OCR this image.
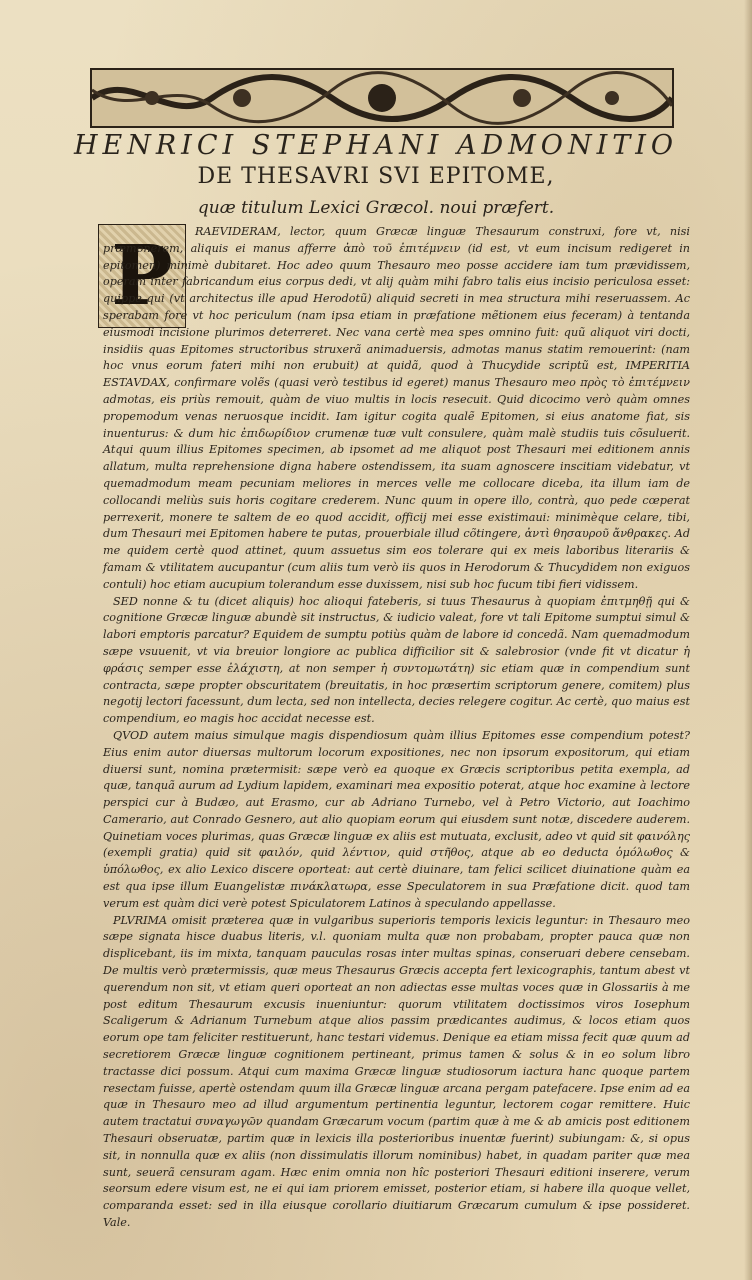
HENRICI STEPHANI ADMONITIO
DE THESAVRI SVI EPITOME,
quæ titulum Lexici Græcol. noui præfert.
P	RAEVIDERAM, lector, quum Græcæ linguæ Thesaurum construxi, fore vt, nisi præmonerem, aliquis ei manus afferre ἀπὸ τοῦ ἐπιτέμνειν (id est, vt eum incisum redigeret in epitomen) minimè dubitaret. Hoc adeo quum Thesauro meo posse accidere iam tum prævidissem, operam inter fabricandum eius corpus dedi, vt alij quàm mihi fabro talis eius incisio periculosa esset: quippe qui (vt architectus ille apud Herodotũ) aliquid secreti in mea structura mihi reseruassem. Ac sperabam fore vt hoc periculum (nam ipsa etiam in præfatione mẽtionem eius feceram) à tentanda eiusmodi incisione plurimos deterreret. Nec vana certè mea spes omnino fuit: quũ aliquot viri docti, insidiis quas Epitomes structoribus struxerã animaduersis, admotas manus statim remouerint: (nam hoc vnus eorum fateri mihi non erubuit) at quidã, quod à Thucydide scriptũ est, IMPERITIA ESTAVDAX, confirmare volẽs (quasi verò testibus id egeret) manus Thesauro meo πρὸς τὸ ἐπιτέμνειν admotas, eis priùs remouit, quàm de viuo multis in locis resecuit. Quid dicocimo verò quàm omnes propemodum venas neruosque incidit. Iam igitur cogita qualẽ Epitomen, si eius anatome fiat, sis inuenturus: & dum hic ἐπιδωρίδιον crumenæ tuæ vult consulere, quàm malè studiis tuis cõsuluerit. Atqui quum illius Epitomes specimen, ab ipsomet ad me aliquot post Thesauri mei editionem annis allatum, multa reprehensione digna habere ostendissem, ita suam agnoscere inscitiam videbatur, vt quemadmodum meam pecuniam meliores in merces velle me collocare diceba, ita illum iam de collocandi meliùs suis horis cogitare crederem. Nunc quum in opere illo, contrà, quo pede cœperat perrexerit, monere te saltem de eo quod accidit, officij mei esse existimaui: minimèque celare, tibi, dum Thesauri mei Epitomen habere te putas, prouerbiale illud cõtingere, ἀντὶ θησαυροῦ ἄνθρακες. Ad me quidem certè quod attinet, quum assuetus sim eos tolerare qui ex meis laboribus literariis & famam & vtilitatem aucupantur (cum aliis tum verò iis quos in Herodorum & Thucydidem non exiguos contuli) hoc etiam aucupium tolerandum esse duxissem, nisi sub hoc fucum tibi fieri vidissem.

SED nonne & tu (dicet aliquis) hoc alioqui fateberis, si tuus Thesaurus à quopiam ἐπιτμηθῇ qui & cognitione Græcæ linguæ abundè sit instructus, & iudicio valeat, fore vt tali Epitome sumptui simul & labori emptoris parcatur? Equidem de sumptu potiùs quàm de labore id concedã. Nam quemadmodum sæpe vsuuenit, vt via breuior longiore ac publica difficilior sit & salebrosior (vnde fit vt dicatur ἡ φράσις semper esse ἐλάχιστη, at non semper ἡ συντομωτάτη) sic etiam quæ in compendium sunt contracta, sæpe propter obscuritatem (breuitatis, in hoc præsertim scriptorum genere, comitem) plus negotij lectori facessunt, dum lecta, sed non intellecta, decies relegere cogitur. Ac certè, quo maius est compendium, eo magis hoc accidat necesse est.

QVOD autem maius simulque magis dispendiosum quàm illius Epitomes esse compendium potest? Eius enim autor diuersas multorum locorum expositiones, nec non ipsorum expositorum, qui etiam diuersi sunt, nomina prætermisit: sæpe verò ea quoque ex Græcis scriptoribus petita exempla, ad quæ, tanquã aurum ad Lydium lapidem, examinari mea expositio poterat, atque hoc examine à lectore perspici cur à Budæo, aut Erasmo, cur ab Adriano Turnebo, vel à Petro Victorio, aut Ioachimo Camerario, aut Conrado Gesnero, aut alio quopiam eorum qui eiusdem sunt notæ, discedere auderem. Quinetiam voces plurimas, quas Græcæ linguæ ex aliis est mutuata, exclusit, adeo vt quid sit φαινόλης (exempli gratia) quid sit φαιλόν, quid λέντιον, quid στῆθος, atque ab eo deducta ὁμόλωθος & ὑπόλωθος, ex alio Lexico discere oporteat: aut certè diuinare, tam felici scilicet diuinatione quàm ea est qua ipse illum Euangelistæ πινάκλατωρα, esse Speculatorem in sua Præfatione dicit. quod tam verum est quàm dici verè potest Spiculatorem Latinos à speculando appellasse.

PLVRIMA omisit præterea quæ in vulgaribus superioris temporis lexicis leguntur: in Thesauro meo sæpe signata hisce duabus literis, v.l. quoniam multa quæ non probabam, propter pauca quæ non displicebant, iis im mixta, tanquam pauculas rosas inter multas spinas, conseruari debere censebam. De multis verò prætermissis, quæ meus Thesaurus Græcis accepta fert lexicographis, tantum abest vt querendum non sit, vt etiam queri oporteat an non adiectas esse multas voces quæ in Glossariis à me post editum Thesaurum excusis inueniuntur: quorum vtilitatem doctissimos viros Iosephum Scaligerum & Adrianum Turnebum atque alios passim prædicantes audimus, & locos etiam quos eorum ope tam feliciter restituerunt, hanc testari videmus. Denique ea etiam missa fecit quæ quum ad secretiorem Græcæ linguæ cognitionem pertineant, primus tamen & solus & in eo solum libro tractasse dici possum. Atqui cum maxima Græcæ linguæ studiosorum iactura hanc quoque partem resectam fuisse, apertè ostendam quum illa Græcæ linguæ arcana pergam patefacere. Ipse enim ad ea quæ in Thesauro meo ad illud argumentum pertinentia leguntur, lectorem cogar remittere. Huic autem tractatui συναγωγῶν quandam Græcarum vocum (partim quæ à me & ab amicis post editionem Thesauri obseruatæ, partim quæ in lexicis illa posterioribus inuentæ fuerint) subiungam: &, si opus sit, in nonnulla quæ ex aliis (non dissimulatis illorum nominibus) habet, in quadam pariter quæ mea sunt, seuerã censuram agam. Hæc enim omnia non hîc posteriori Thesauri editioni inserere, verum seorsum edere visum est, ne ei qui iam priorem emisset, posterior etiam, si habere illa quoque vellet, comparanda esset: sed in illa eiusque corollario diuitiarum Græcarum cumulum & ipse possideret. Vale.
